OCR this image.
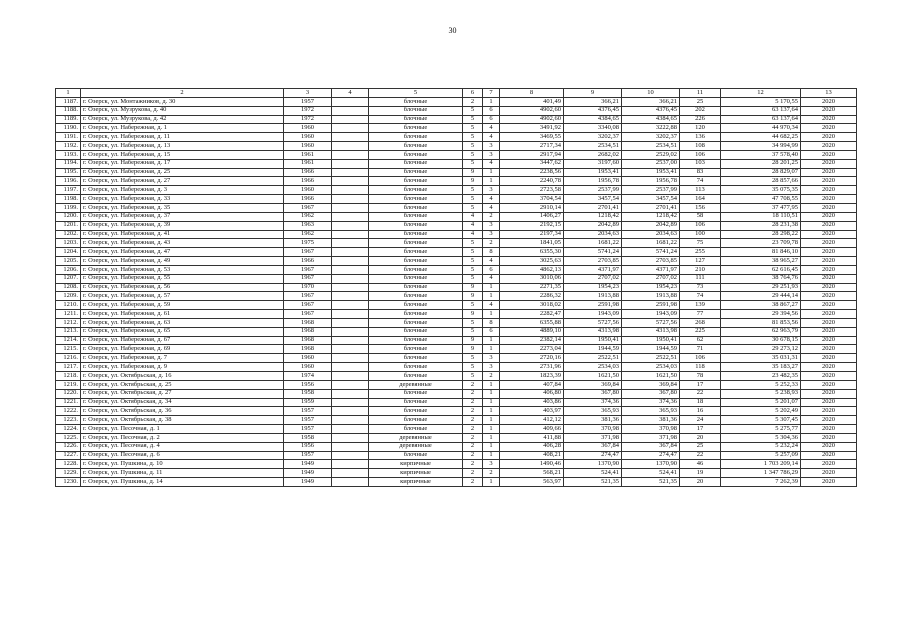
30
1	2	3	4	5	6	7	8	9	10	11	12	13
1187.	г. Озерск, ул. Монтажников, д. 30	1957		блочные	2	1	401,49	366,21	366,21	25	5 170,55	2020
1188.	г. Озерск, ул. Музрукова, д. 40	1972		блочные	5	6	4902,60	4376,45	4376,45	202	63 137,64	2020
1189.	г. Озерск, ул. Музрукова, д. 42	1972		блочные	5	6	4902,60	4384,65	4384,65	226	63 137,64	2020
1190.	г. Озерск, ул. Набережная, д. 1	1960		блочные	5	4	3491,92	3340,08	3222,88	120	44 970,34	2020
1191.	г. Озерск, ул. Набережная, д. 11	1960		блочные	5	4	3469,55	3202,37	3202,37	136	44 682,25	2020
1192.	г. Озерск, ул. Набережная, д. 13	1960		блочные	5	3	2717,34	2534,51	2534,51	108	34 994,99	2020
1193.	г. Озерск, ул. Набережная, д. 15	1961		блочные	5	3	2917,94	2682,02	2529,02	106	37 578,40	2020
1194.	г. Озерск, ул. Набережная, д. 17	1961		блочные	5	4	3447,62	3197,60	2537,00	103	28 201,25	2020
1195.	г. Озерск, ул. Набережная, д. 25	1966		блочные	9	1	2238,56	1953,41	1953,41	83	28 829,07	2020
1196.	г. Озерск, ул. Набережная, д. 27	1966		блочные	9	1	2240,78	1956,78	1956,78	74	28 857,66	2020
1197.	г. Озерск, ул. Набережная, д. 3	1960		блочные	5	3	2723,58	2537,99	2537,99	113	35 075,35	2020
1198.	г. Озерск, ул. Набережная, д. 33	1966		блочные	5	4	3704,54	3457,54	3457,54	164	47 708,55	2020
1199.	г. Озерск, ул. Набережная, д. 35	1967		блочные	5	4	2910,14	2701,41	2701,41	156	37 477,95	2020
1200.	г. Озерск, ул. Набережная, д. 37	1962		блочные	4	2	1406,27	1218,42	1218,42	58	18 110,51	2020
1201.	г. Озерск, ул. Набережная, д. 39	1963		блочные	4	3	2192,15	2042,89	2042,89	106	28 231,38	2020
1202.	г. Озерск, ул. Набережная, д. 41	1962		блочные	4	3	2197,34	2034,63	2034,63	100	28 298,22	2020
1203.	г. Озерск, ул. Набережная, д. 43	1975		блочные	5	2	1841,05	1681,22	1681,22	75	23 709,78	2020
1204.	г. Озерск, ул. Набережная, д. 47	1967		блочные	5	8	6355,30	5741,24	5741,24	255	81 846,10	2020
1205.	г. Озерск, ул. Набережная, д. 49	1966		блочные	5	4	3025,63	2703,85	2703,85	127	38 965,27	2020
1206.	г. Озерск, ул. Набережная, д. 53	1967		блочные	5	6	4862,13	4371,97	4371,97	210	62 616,45	2020
1207.	г. Озерск, ул. Набережная, д. 55	1967		блочные	5	4	3010,06	2707,02	2707,02	111	38 764,76	2020
1208.	г. Озерск, ул. Набережная, д. 56	1970		блочные	9	1	2271,35	1954,23	1954,23	73	29 251,93	2020
1209.	г. Озерск, ул. Набережная, д. 57	1967		блочные	9	1	2286,32	1913,88	1913,88	74	29 444,14	2020
1210.	г. Озерск, ул. Набережная, д. 59	1967		блочные	5	4	3018,02	2591,98	2591,98	139	38 867,27	2020
1211.	г. Озерск, ул. Набережная, д. 61	1967		блочные	9	1	2282,47	1943,09	1943,09	77	29 394,56	2020
1212.	г. Озерск, ул. Набережная, д. 63	1968		блочные	5	8	6355,88	5727,56	5727,56	268	81 853,56	2020
1213.	г. Озерск, ул. Набережная, д. 65	1968		блочные	5	6	4889,10	4313,98	4313,98	225	62 963,79	2020
1214.	г. Озерск, ул. Набережная, д. 67	1968		блочные	9	1	2382,14	1950,41	1950,41	62	30 678,15	2020
1215.	г. Озерск, ул. Набережная, д. 69	1968		блочные	9	1	2273,04	1944,59	1944,59	71	29 273,12	2020
1216.	г. Озерск, ул. Набережная, д. 7	1960		блочные	5	3	2720,16	2522,51	2522,51	106	35 031,31	2020
1217.	г. Озерск, ул. Набережная, д. 9	1960		блочные	5	3	2731,96	2534,03	2534,03	118	35 183,27	2020
1218.	г. Озерск, ул. Октябрьская, д. 16	1974		блочные	5	2	1823,39	1621,50	1621,50	78	23 482,35	2020
1219.	г. Озерск, ул. Октябрьская, д. 25	1956		деревянные	2	1	407,84	369,84	369,84	17	5 252,33	2020
1220.	г. Озерск, ул. Октябрьская, д. 27	1958		блочные	2	1	406,80	367,80	367,80	22	5 238,93	2020
1221.	г. Озерск, ул. Октябрьская, д. 34	1959		блочные	2	1	403,86	374,36	374,36	18	5 201,07	2020
1222.	г. Озерск, ул. Октябрьская, д. 36	1957		блочные	2	1	403,97	365,93	365,93	16	5 202,49	2020
1223.	г. Озерск, ул. Октябрьская, д. 38	1957		блочные	2	1	412,12	381,36	381,36	24	5 307,45	2020
1224.	г. Озерск, ул. Песочная, д. 1	1957		блочные	2	1	409,66	370,98	370,98	17	5 275,77	2020
1225.	г. Озерск, ул. Песочная, д. 2	1958		деревянные	2	1	411,88	371,98	371,98	20	5 304,36	2020
1226.	г. Озерск, ул. Песочная, д. 4	1956		деревянные	2	1	406,28	367,84	367,84	25	5 232,24	2020
1227.	г. Озерск, ул. Песочная, д. 6	1957		блочные	2	1	408,21	274,47	274,47	22	5 257,09	2020
1228.	г. Озерск, ул. Пушкина, д. 10	1949		кирпичные	2	3	1490,46	1370,90	1370,90	46	1 703 209,14	2020
1229.	г. Озерск, ул. Пушкина, д. 11	1949		кирпичные	2	2	568,21	524,41	524,41	19	1 347 786,29	2020
1230.	г. Озерск, ул. Пушкина, д. 14	1949		кирпичные	2	1	563,97	521,35	521,35	20	7 262,39	2020
